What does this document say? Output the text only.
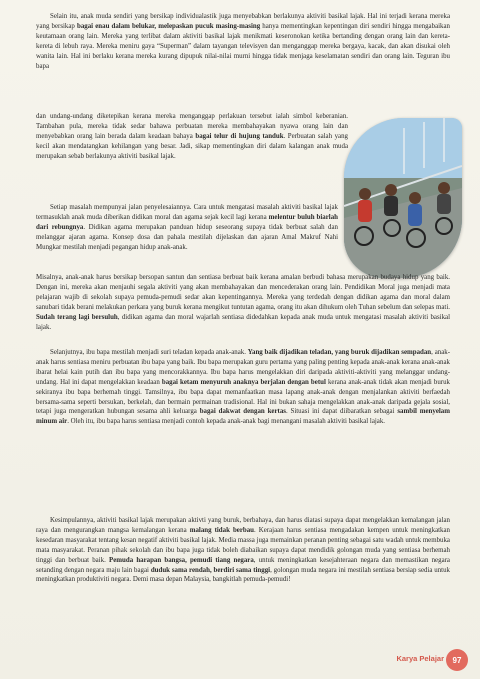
Selain itu, anak muda sendiri yang bersikap individualastik juga menyebabkan berlakunya aktiviti basikal lajak. Hal ini terjadi kerana mereka yang bersikap bagai enau dalam belukar, melepaskan pucuk masing-masing hanya mementingkan kepentingan diri sendiri hingga mengabaikan keutamaan orang lain. Mereka yang terlibat dalam aktiviti basikal lajak menikmati keseronokan ketika bertanding dengan orang lain dan kereta-kereta di lebuh raya. Mereka meniru gaya “Superman” dalam tayangan televisyen dan menganggap mereka bergaya, kacak, dan akan disukai oleh wanita lain. Hal ini berlaku kerana mereka kurang dipupuk nilai-nilai murni hingga tidak menjaga keselamatan sendiri dan orang lain. Teguran ibu bapa

dan undang-undang diketepikan kerana mereka menganggap perlakuan tersebut ialah simbol keberanian. Tambahan pula, mereka tidak sedar bahawa perbuatan mereka membahayakan nyawa orang lain dan menyebabkan orang lain berada dalam keadaan bahaya bagai telur di hujung tanduk. Perbuatan salah yang kecil akan mendatangkan kehilangan yang besar. Jadi, sikap mementingkan diri dalam kalangan anak muda merupakan sebab berlakunya aktiviti basikal lajak.

Setiap masalah mempunyai jalan penyelesaiannya. Cara untuk mengatasi masalah aktiviti basikal lajak termasuklah anak muda diberikan didikan moral dan agama sejak kecil lagi kerana melentur buluh biarlah dari rebungnya. Didikan agama merupakan panduan hidup seseorang supaya tidak berbuat salah dan melanggar ajaran agama. Konsep dosa dan pahala mestilah dijelaskan dan ajaran Amal Makruf Nahi Mungkar mestilah menjadi pegangan hidup anak-anak.

Misalnya, anak-anak harus bersikap bersopan santun dan sentiasa berbuat baik kerana amalan berbudi bahasa merupakan budaya hidup yang baik. Dengan ini, mereka akan menjauhi segala aktiviti yang akan membahayakan dan mencederakan orang lain. Pendidikan Moral juga menjadi mata pelajaran wajib di sekolah supaya pemuda-pemudi sedar akan kepentingannya. Mereka yang terdedah dengan didikan agama dan moral dalam sanubari tidak berani melakukan perkara yang buruk kerana mengikut tuntutan agama, orang itu akan dihukum oleh Tuhan sebelum dan selepas mati. Sudah terang lagi bersuluh, didikan agama dan moral wajarlah sentiasa didedahkan kepada anak muda untuk mengatasi masalah aktiviti basikal lajak.

Selanjutnya, ibu bapa mestilah menjadi suri teladan kepada anak-anak. Yang baik dijadikan teladan, yang buruk dijadikan sempadan, anak-anak harus sentiasa meniru perbuatan ibu bapa yang baik. Ibu bapa merupakan guru pertama yang paling penting kepada anak-anak kerana anak-anak ibarat helai kain putih dan ibu bapa yang mencorakkannya. Ibu bapa harus mengelakkan diri daripada aktiviti-aktiviti yang melanggar undang-undang. Hal ini dapat mengelakkan keadaan bagai ketam menyuruh anaknya berjalan dengan betul kerana anak-anak tidak akan menjadi buruk sekiranya ibu bapa berhemah tinggi. Tamsilnya, ibu bapa dapat memanfaatkan masa lapang anak-anak dengan menjalankan aktiviti berfaedah bersama-sama seperti bersukan, berkelah, dan bermain permainan tradisional. Hal ini bukan sahaja mengelakkan anak-anak daripada gejala sosial, tetapi juga mengeratkan hubungan sesama ahli keluarga bagai dakwat dengan kertas. Situasi ini dapat diibaratkan sebagai sambil menyelam minum air. Oleh itu, ibu bapa harus sentiasa menjadi contoh kepada anak-anak bagi menangani masalah aktiviti basikal lajak.

Kesimpulannya, aktiviti basikal lajak merupakan aktivti yang buruk, berbahaya, dan harus diatasi supaya dapat mengelakkan kemalangan jalan raya dan mengurangkan mangsa kemalangan kerana malang tidak berbau. Kerajaan harus sentiasa mengadakan kempen untuk meningkatkan kesedaran masyarakat tentang kesan negatif aktiviti basikal lajak. Media massa juga memainkan peranan penting sebagai satu wadah untuk membuka mata masyarakat. Peranan pihak sekolah dan ibu bapa juga tidak boleh diabaikan supaya dapat mendidik golongan muda yang sentiasa berhemah tinggi dan berbuat baik. Pemuda harapan bangsa, pemudi tiang negara, untuk meningkatkan kesejahteraan negara dan memastikan negara setanding dengan negara maju lain bagai duduk sama rendah, berdiri sama tinggi, golongan muda negara ini mestilah sentiasa bersiap sedia untuk meningkatkan produktiviti negara. Demi masa depan Malaysia, bangkitlah pemuda-pemudi!

Karya Pelajar	97
